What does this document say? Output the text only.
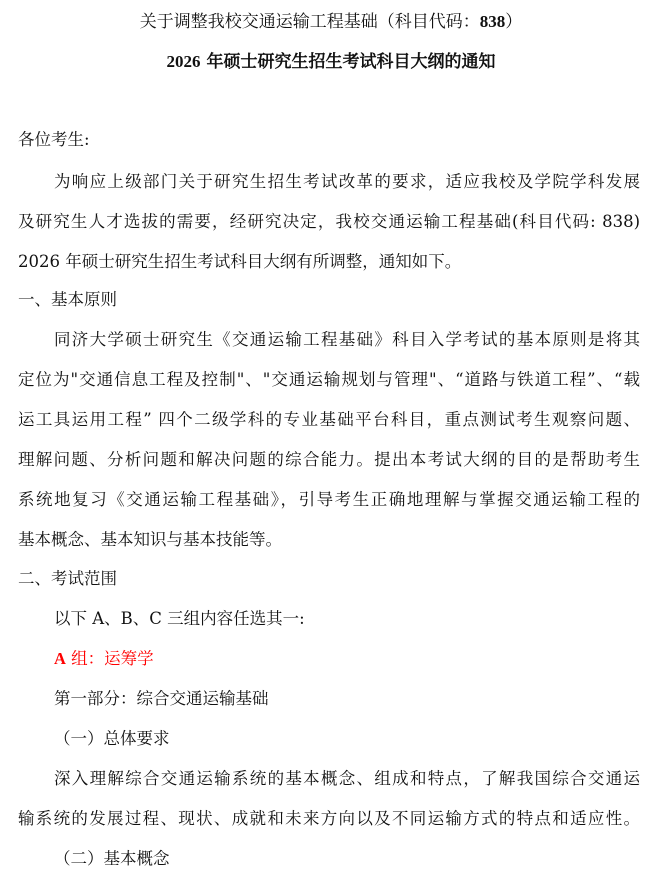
关于调整我校交通运输工程基础（科目代码：838）
2026 年硕士研究生招生考试科目大纲的通知
各位考生:
为响应上级部门关于研究生招生考试改革的要求，适应我校及学院学科发展
及研究生人才选拔的需要，经研究决定，我校交通运输工程基础(科目代码: 838)
2026 年硕士研究生招生考试科目大纲有所调整，通知如下。
一、基本原则
同济大学硕士研究生《交通运输工程基础》科目入学考试的基本原则是将其
定位为"交通信息工程及控制"、"交通运输规划与管理"、“道路与铁道工程”、“载
运工具运用工程” 四个二级学科的专业基础平台科目，重点测试考生观察问题、
理解问题、分析问题和解决问题的综合能力。提出本考试大纲的目的是帮助考生
系统地复习《交通运输工程基础》，引导考生正确地理解与掌握交通运输工程的
基本概念、基本知识与基本技能等。
二、考试范围
以下 A、B、C 三组内容任选其一:
A 组：运筹学
第一部分：综合交通运输基础
（一）总体要求
深入理解综合交通运输系统的基本概念、组成和特点，了解我国综合交通运
输系统的发展过程、现状、成就和未来方向以及不同运输方式的特点和适应性。
（二）基本概念
